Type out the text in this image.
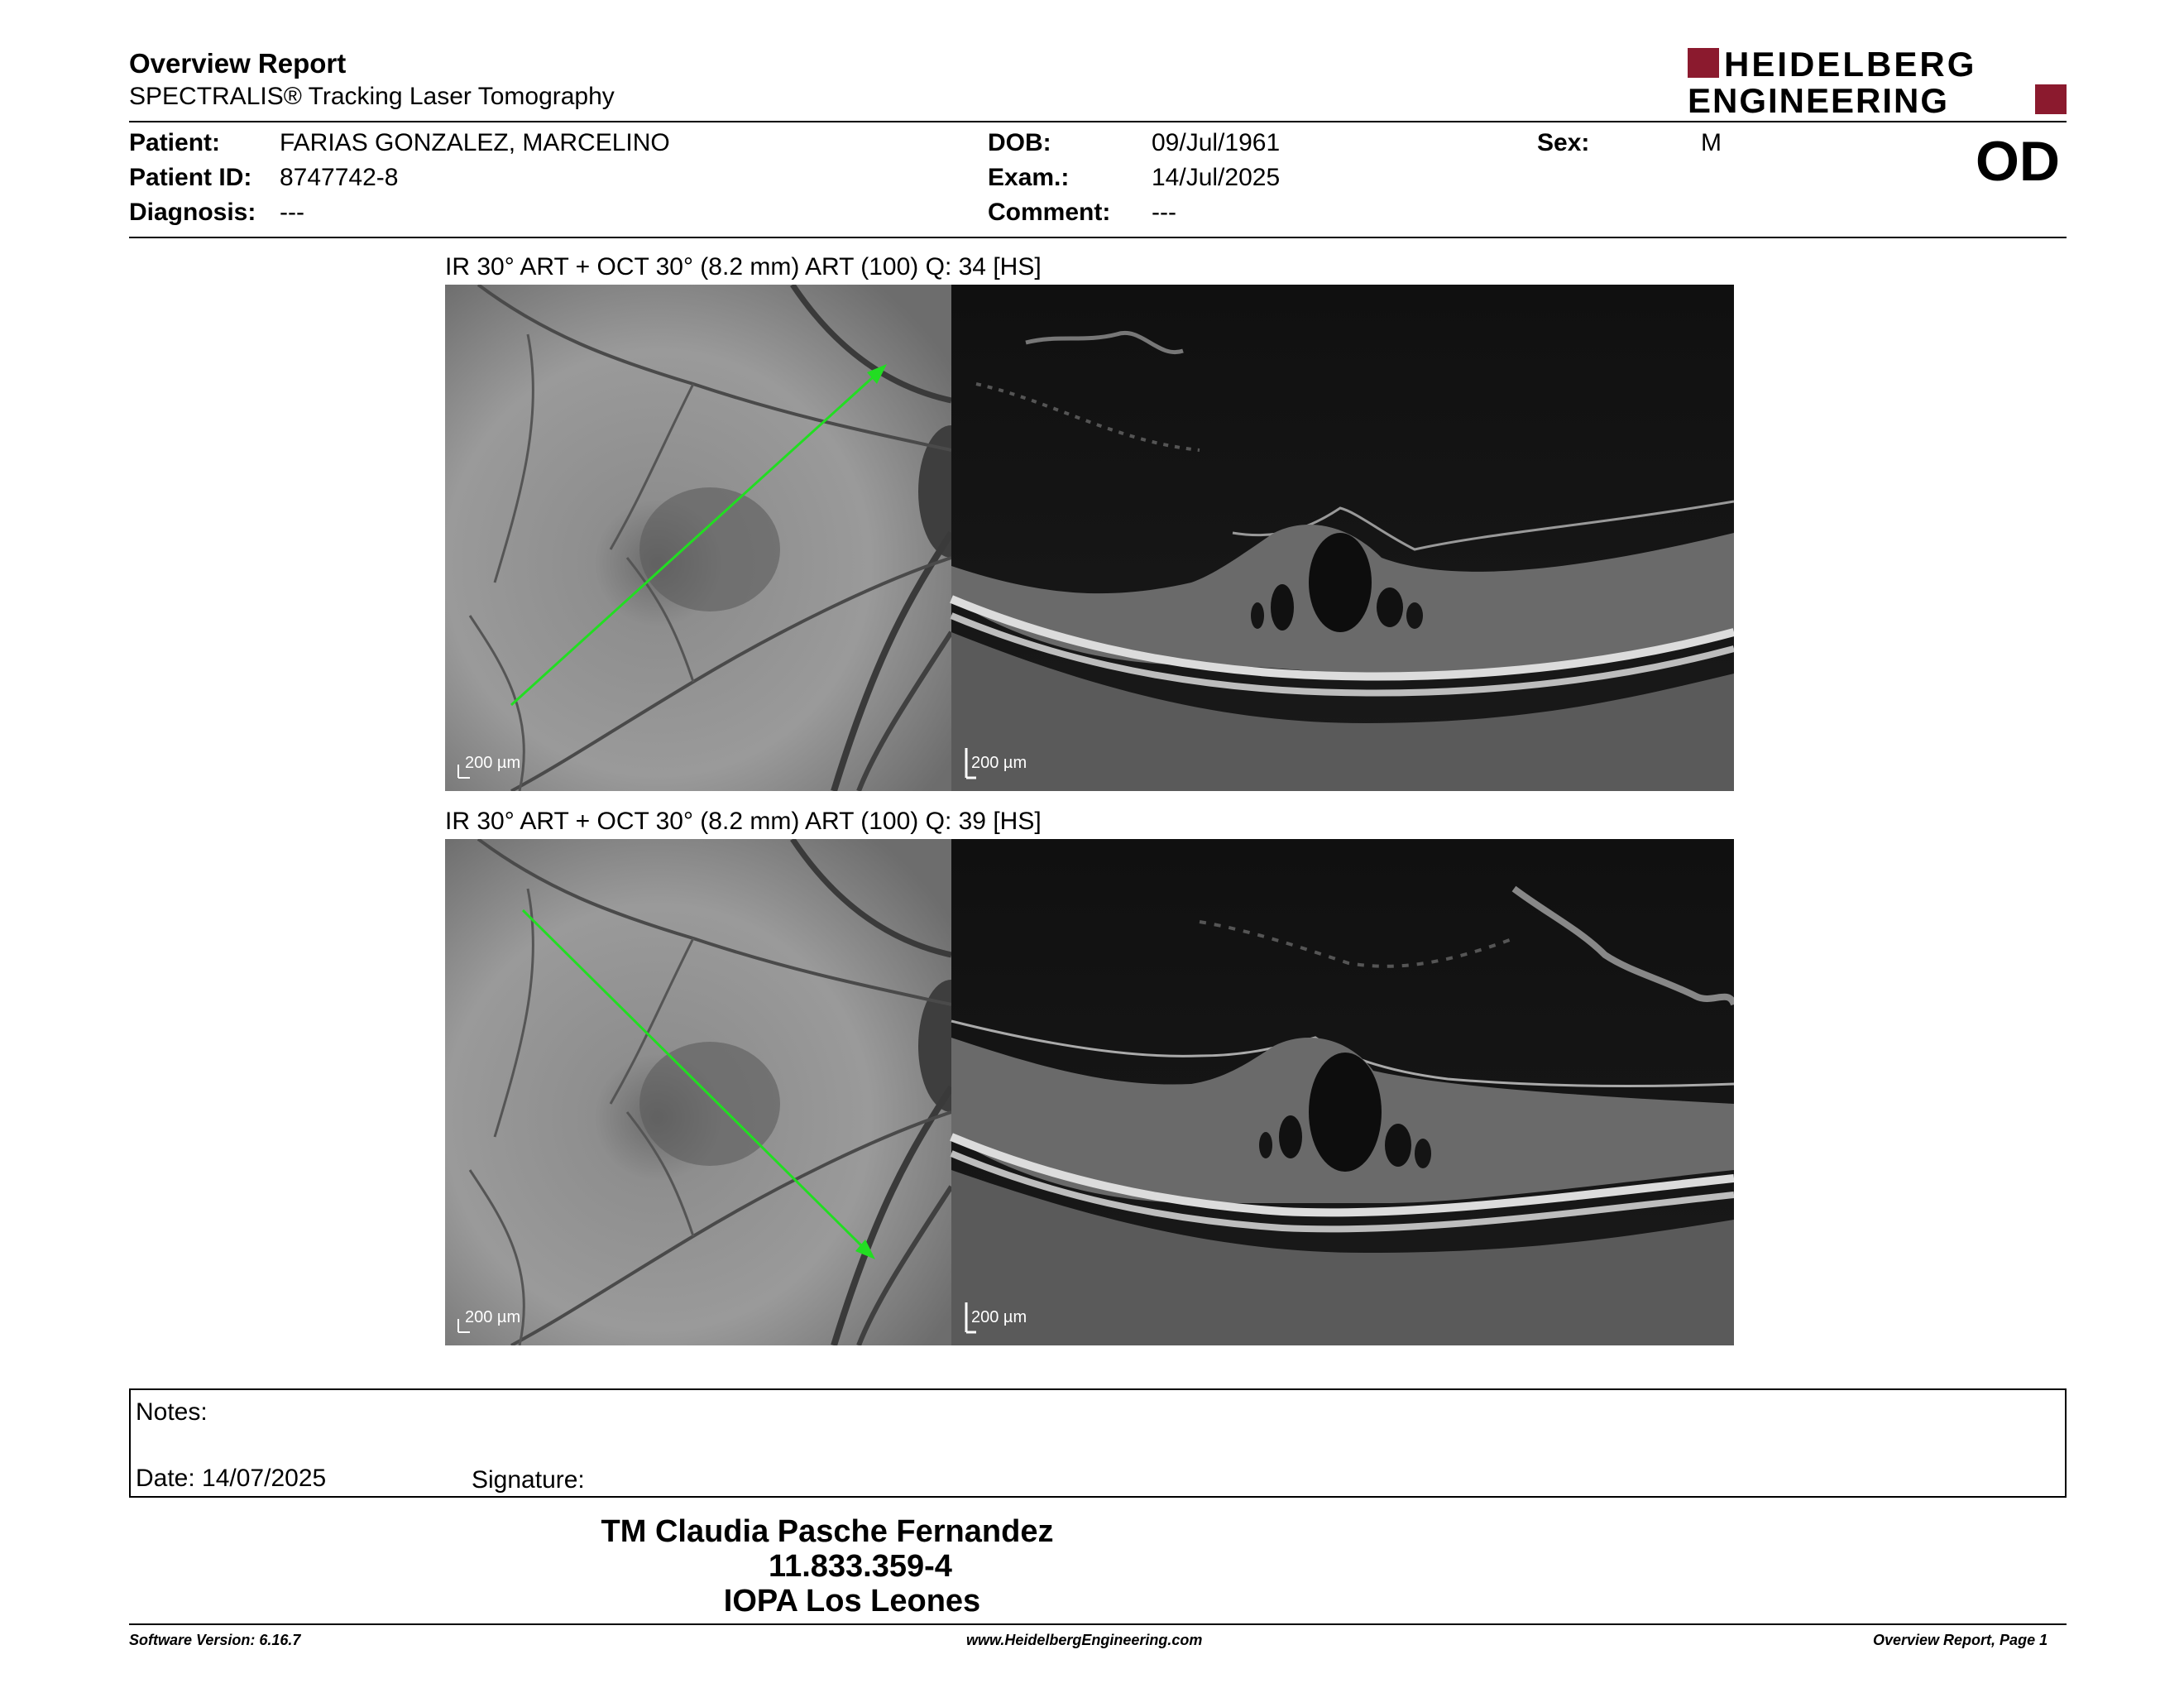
Overview Report
SPECTRALIS® Tracking Laser Tomography
HEIDELBERG
ENGINEERING
Patient: FARIAS GONZALEZ, MARCELINO
Patient ID: 8747742-8
Diagnosis: ---
DOB:	09/Jul/1961
Exam.:	14/Jul/2025
Comment: ---
Sex:	M	OD
IR 30° ART + OCT 30° (8.2 mm) ART (100) Q: 34 [HS]
200 µm	200 µm
IR 30° ART + OCT 30° (8.2 mm) ART (100) Q: 39 [HS]
200 µm	200 µm
Notes:
Date: 14/07/2025	Signature:
TM Claudia Pasche Fernandez
11.833.359-4
IOPA Los Leones
Software Version: 6.16.7	www.HeidelbergEngineering.com	Overview Report, Page 1
